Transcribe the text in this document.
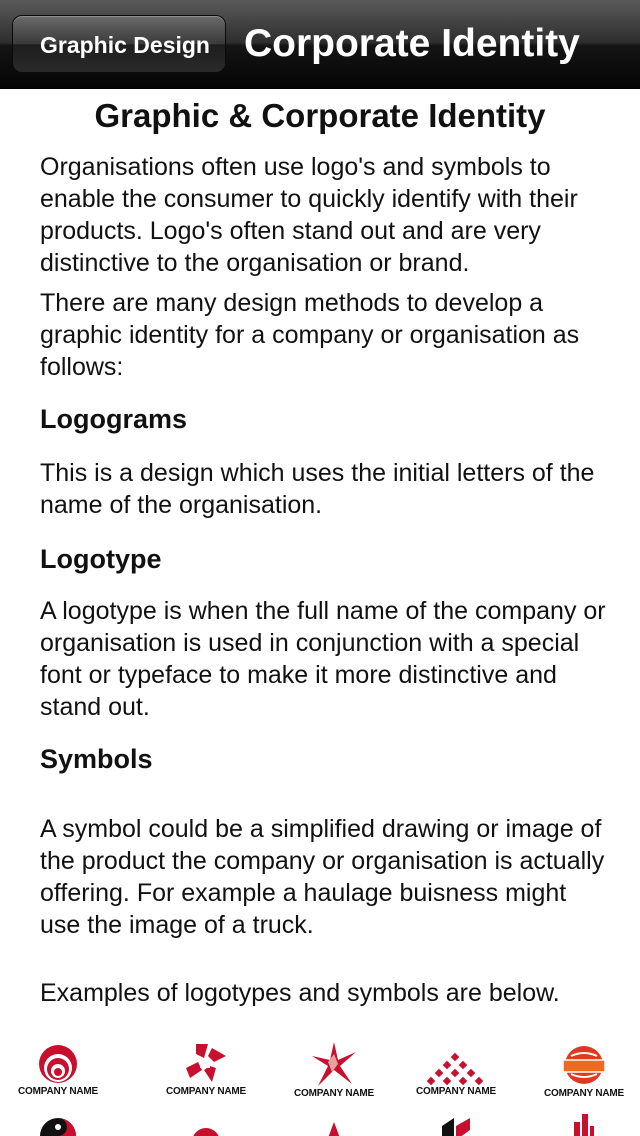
Graphic Design Corporate Identity
Graphic & Corporate Identity

Organisations often use logo's and symbols to enable the consumer to quickly identify with their products. Logo's often stand out and are very distinctive to the organisation or brand.

There are many design methods to develop a graphic identity for a company or organisation as follows:

Logograms

This is a design which uses the initial letters of the name of the organisation.

Logotype

A logotype is when the full name of the company or organisation is used in conjunction with a special font or typeface to make it more distinctive and stand out.

Symbols

A symbol could be a simplified drawing or image of the product the company or organisation is actually offering. For example a haulage buisness might use the image of a truck.

Examples of logotypes and symbols are below.

COMPANY NAME	COMPANY NAME	COMPANY NAME	COMPANY NAME	COMPANY NAME
